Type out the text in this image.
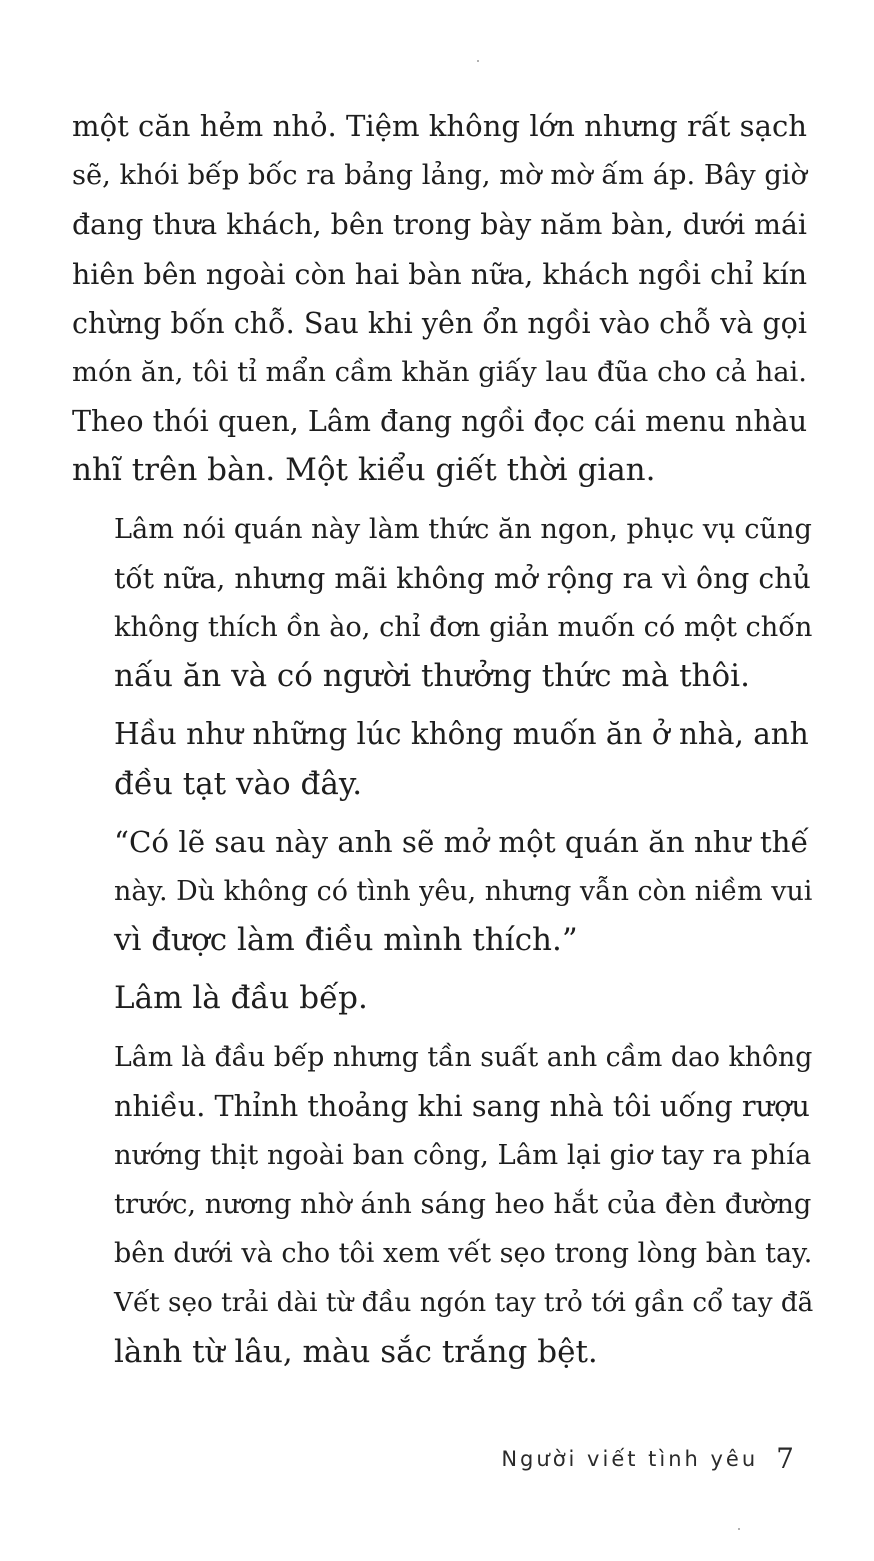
một căn hẻm nhỏ. Tiệm không lớn nhưng rất sạch
sẽ, khói bếp bốc ra bảng lảng, mờ mờ ấm áp. Bây giờ
đang thưa khách, bên trong bày năm bàn, dưới mái
hiên bên ngoài còn hai bàn nữa, khách ngồi chỉ kín
chừng bốn chỗ. Sau khi yên ổn ngồi vào chỗ và gọi
món ăn, tôi tỉ mẩn cầm khăn giấy lau đũa cho cả hai.
Theo thói quen, Lâm đang ngồi đọc cái menu nhàu
nhĩ trên bàn. Một kiểu giết thời gian.

Lâm nói quán này làm thức ăn ngon, phục vụ cũng
tốt nữa, nhưng mãi không mở rộng ra vì ông chủ
không thích ồn ào, chỉ đơn giản muốn có một chốn
nấu ăn và có người thưởng thức mà thôi.

Hầu như những lúc không muốn ăn ở nhà, anh
đều tạt vào đây.

“Có lẽ sau này anh sẽ mở một quán ăn như thế
này. Dù không có tình yêu, nhưng vẫn còn niềm vui
vì được làm điều mình thích.”

Lâm là đầu bếp.

Lâm là đầu bếp nhưng tần suất anh cầm dao không
nhiều. Thỉnh thoảng khi sang nhà tôi uống rượu
nướng thịt ngoài ban công, Lâm lại giơ tay ra phía
trước, nương nhờ ánh sáng heo hắt của đèn đường
bên dưới và cho tôi xem vết sẹo trong lòng bàn tay.
Vết sẹo trải dài từ đầu ngón tay trỏ tới gần cổ tay đã
lành từ lâu, màu sắc trắng bệt.

Người viết tình yêu 7
